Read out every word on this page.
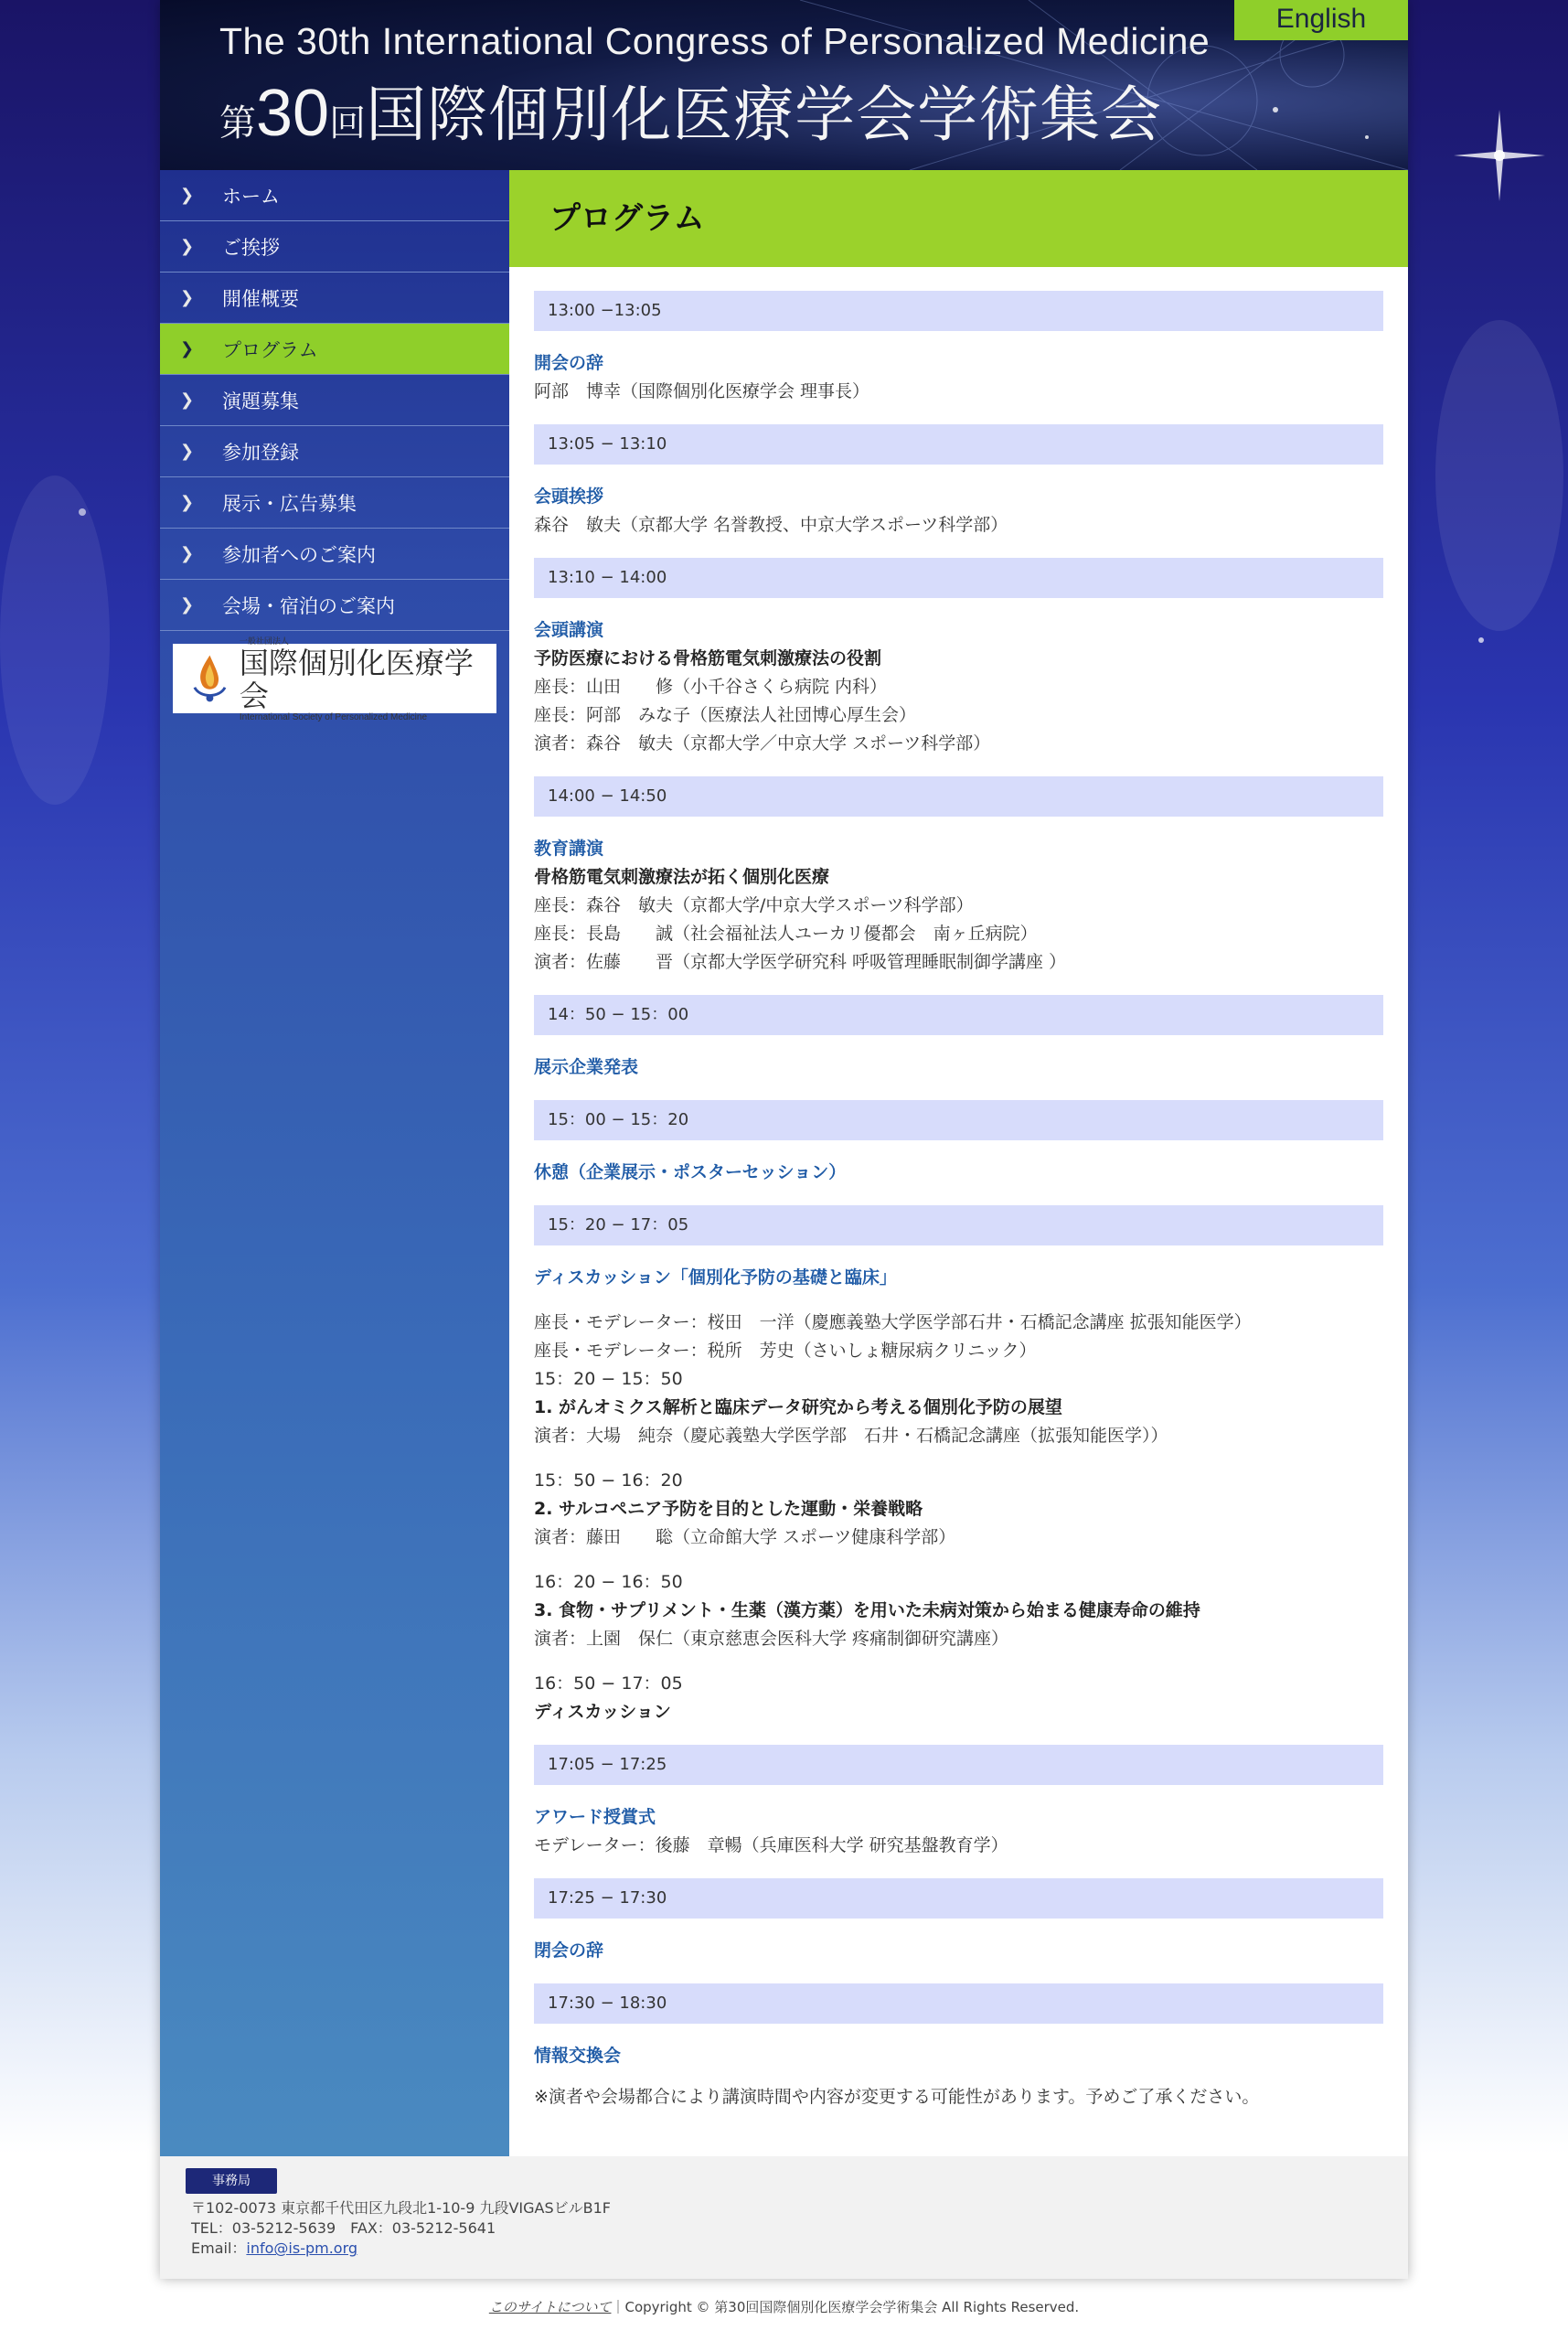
The 30th International Congress of Personalized Medicine
第30回国際個別化医療学会学術集会
English
❯	ホーム
❯	ご挨拶
❯	開催概要
❯	プログラム
❯	演題募集
❯	参加登録
❯	展示・広告募集
❯	参加者へのご案内
❯	会場・宿泊のご案内
一般社団法人
国際個別化医療学会
International Society of Personalized Medicine
プログラム
13:00 −13:05
開会の辞
阿部　博幸（国際個別化医療学会 理事長）
13:05 − 13:10
会頭挨拶
森谷　敏夫（京都大学 名誉教授、中京大学スポーツ科学部）
13:10 − 14:00
会頭講演
予防医療における骨格筋電気刺激療法の役割
座長：山田　　修（小千谷さくら病院 内科）
座長：阿部　みな子（医療法人社団博心厚生会）
演者：森谷　敏夫（京都大学／中京大学 スポーツ科学部）
14:00 − 14:50
教育講演
骨格筋電気刺激療法が拓く個別化医療
座長：森谷　敏夫（京都大学/中京大学スポーツ科学部）
座長：長島　　誠（社会福祉法人ユーカリ優都会　南ヶ丘病院）
演者：佐藤　　晋（京都大学医学研究科 呼吸管理睡眠制御学講座 ）
14：50 − 15：00
展示企業発表
15：00 − 15：20
休憩（企業展示・ポスターセッション）
15：20 − 17：05
ディスカッション「個別化予防の基礎と臨床」
座長・モデレーター：桜田　一洋（慶應義塾大学医学部石井・石橋記念講座 拡張知能医学）
座長・モデレーター：税所　芳史（さいしょ糖尿病クリニック）
15：20 − 15：50
1. がんオミクス解析と臨床データ研究から考える個別化予防の展望
演者：大場　純奈（慶応義塾大学医学部　石井・石橋記念講座（拡張知能医学））
15：50 − 16：20
2. サルコペニア予防を目的とした運動・栄養戦略
演者：藤田　　聡（立命館大学 スポーツ健康科学部）
16：20 − 16：50
3. 食物・サプリメント・生薬（漢方薬）を用いた未病対策から始まる健康寿命の維持
演者：上園　保仁（東京慈恵会医科大学 疼痛制御研究講座）
16：50 − 17：05
ディスカッション
17:05 − 17:25
アワード授賞式
モデレーター：後藤　章暢（兵庫医科大学 研究基盤教育学）
17:25 − 17:30
閉会の辞
17:30 − 18:30
情報交換会
※演者や会場都合により講演時間や内容が変更する可能性があります。予めご了承ください。
事務局
〒102-0073 東京都千代田区九段北1-10-9 九段VIGASビルB1F
TEL：03-5212-5639　FAX：03-5212-5641
Email：info@is-pm.org
このサイトについて｜Copyright © 第30回国際個別化医療学会学術集会 All Rights Reserved.
